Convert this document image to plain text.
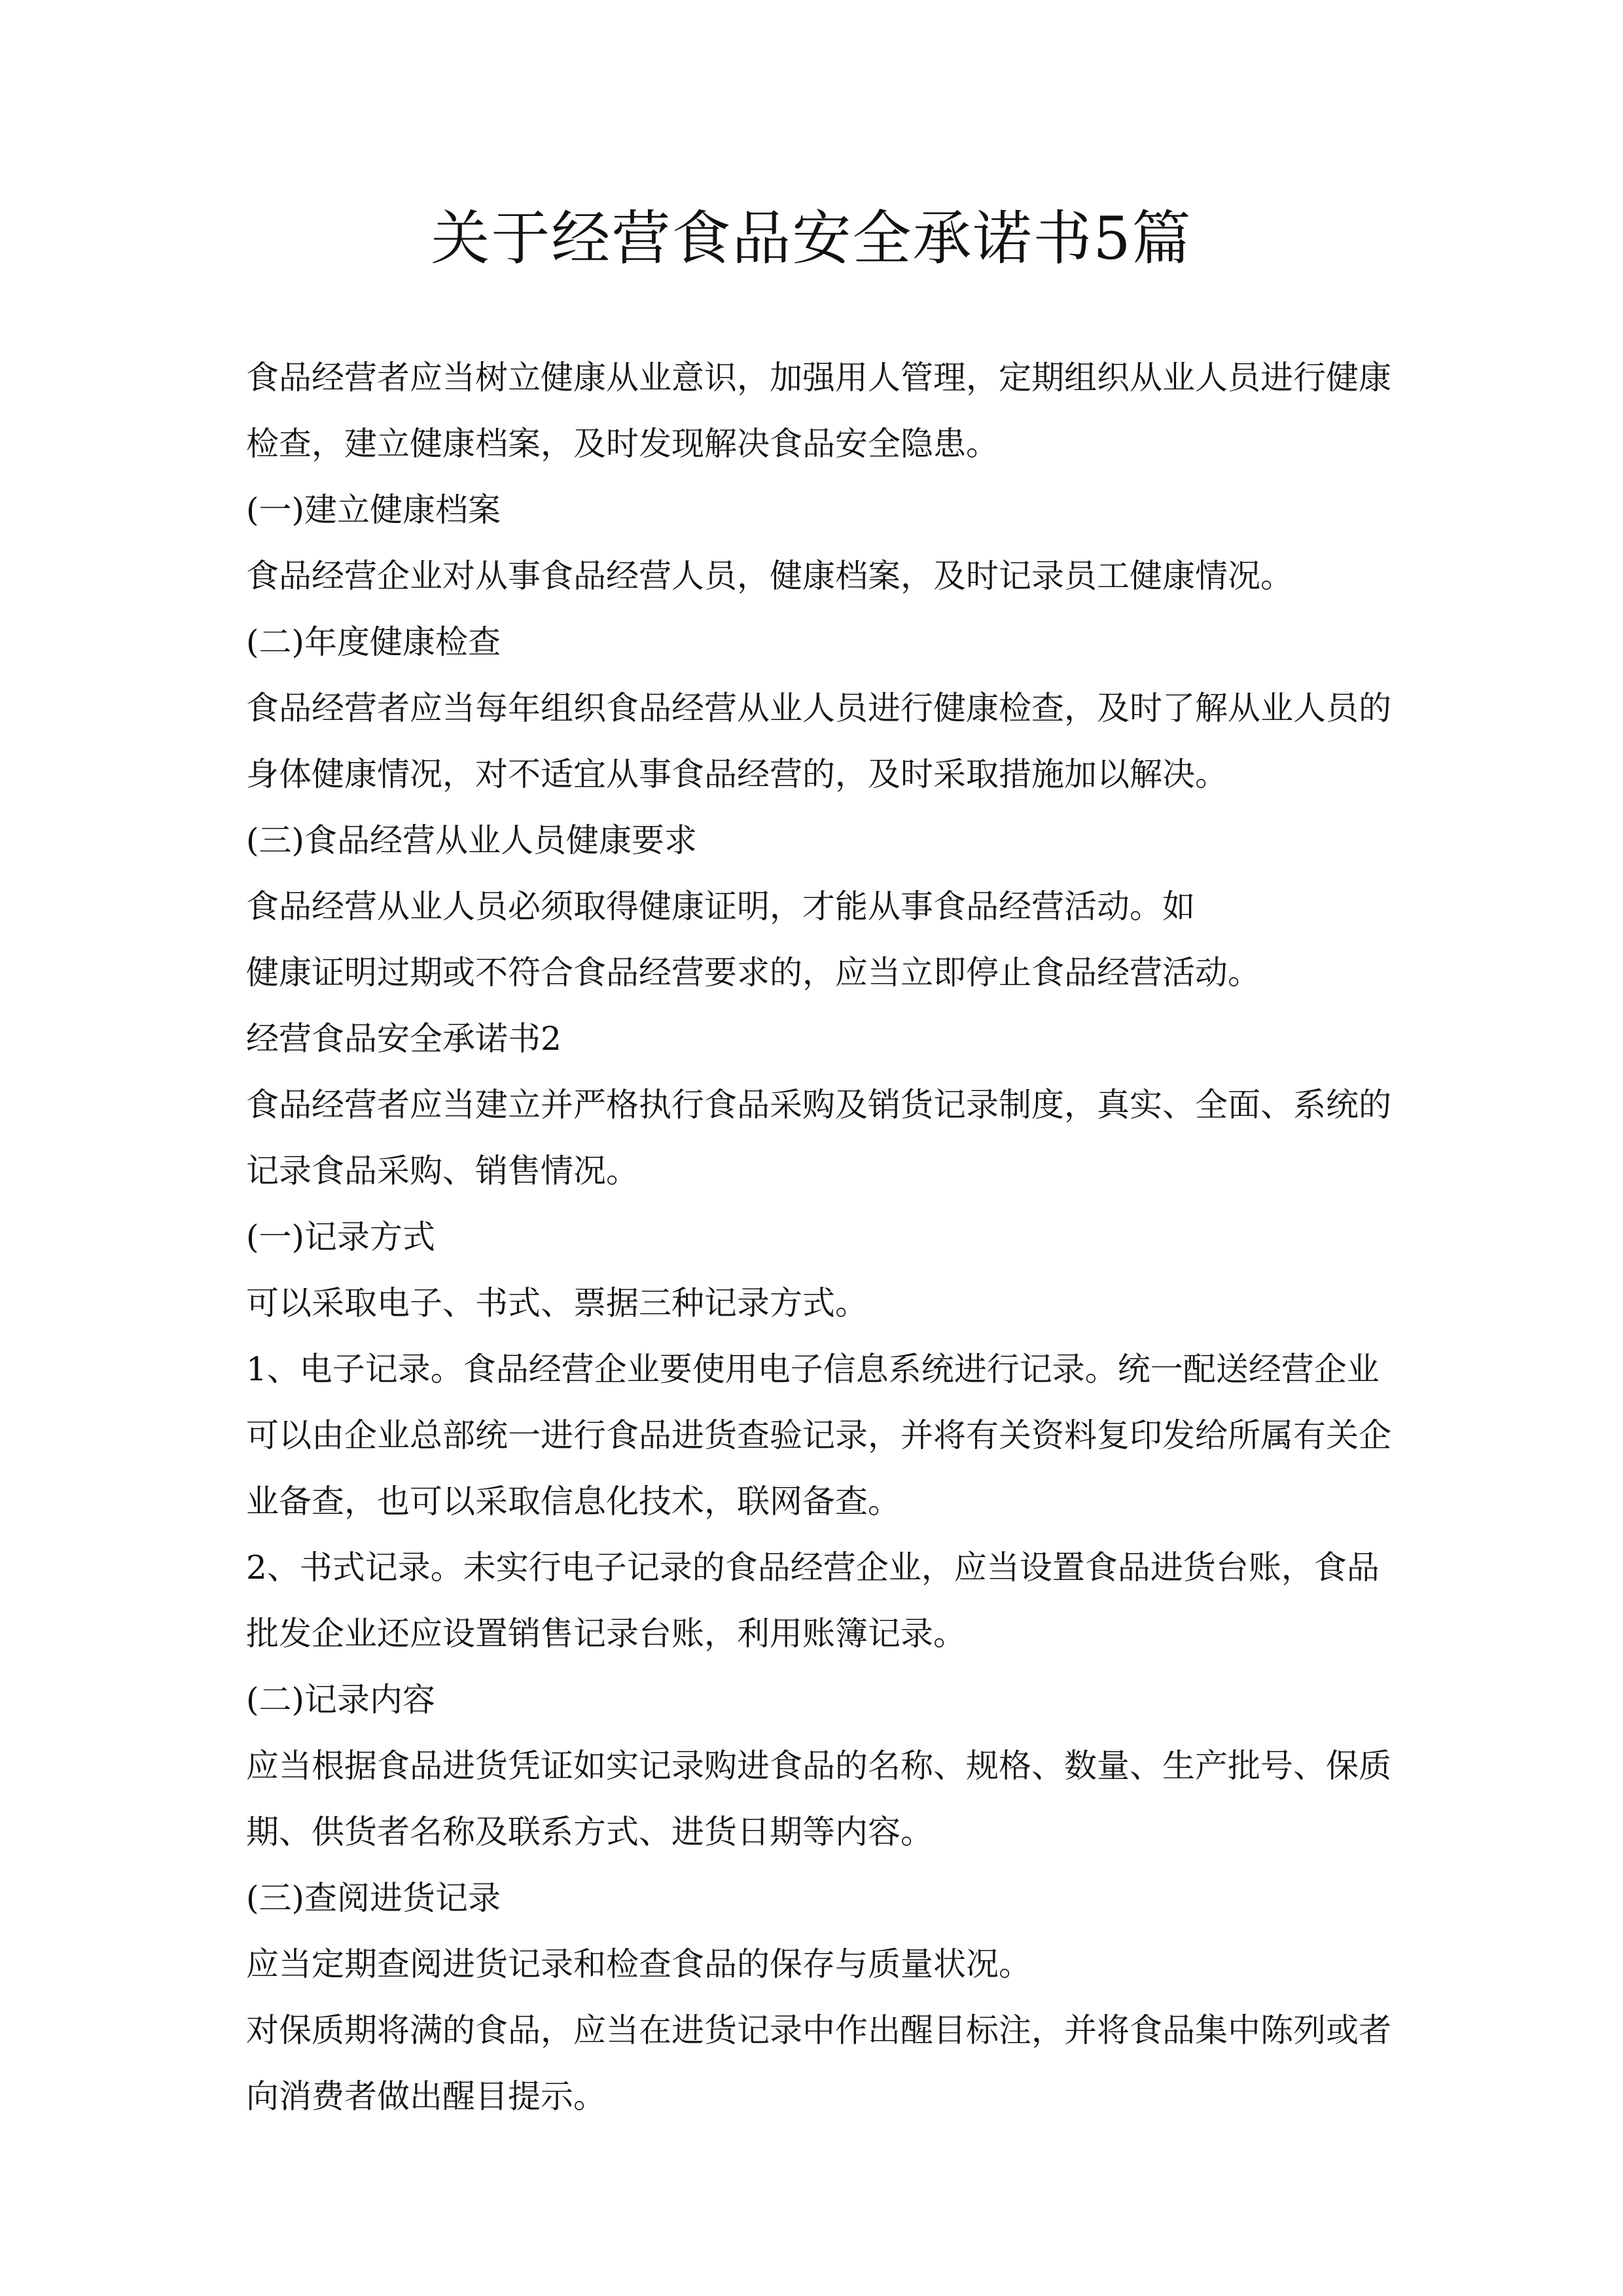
关于经营食品安全承诺书5篇
食品经营者应当树立健康从业意识，加强用人管理，定期组织从业人员进行健康
检查，建立健康档案，及时发现解决食品安全隐患。
(一)建立健康档案
食品经营企业对从事食品经营人员，健康档案，及时记录员工健康情况。
(二)年度健康检查
食品经营者应当每年组织食品经营从业人员进行健康检查，及时了解从业人员的
身体健康情况，对不适宜从事食品经营的，及时采取措施加以解决。
(三)食品经营从业人员健康要求
食品经营从业人员必须取得健康证明，才能从事食品经营活动。如
健康证明过期或不符合食品经营要求的，应当立即停止食品经营活动。
经营食品安全承诺书2
食品经营者应当建立并严格执行食品采购及销货记录制度，真实、全面、系统的
记录食品采购、销售情况。
(一)记录方式
可以采取电子、书式、票据三种记录方式。
1、电子记录。食品经营企业要使用电子信息系统进行记录。统一配送经营企业
可以由企业总部统一进行食品进货查验记录，并将有关资料复印发给所属有关企
业备查，也可以采取信息化技术，联网备查。
2、书式记录。未实行电子记录的食品经营企业，应当设置食品进货台账，食品
批发企业还应设置销售记录台账，利用账簿记录。
(二)记录内容
应当根据食品进货凭证如实记录购进食品的名称、规格、数量、生产批号、保质
期、供货者名称及联系方式、进货日期等内容。
(三)查阅进货记录
应当定期查阅进货记录和检查食品的保存与质量状况。
对保质期将满的食品，应当在进货记录中作出醒目标注，并将食品集中陈列或者
向消费者做出醒目提示。
